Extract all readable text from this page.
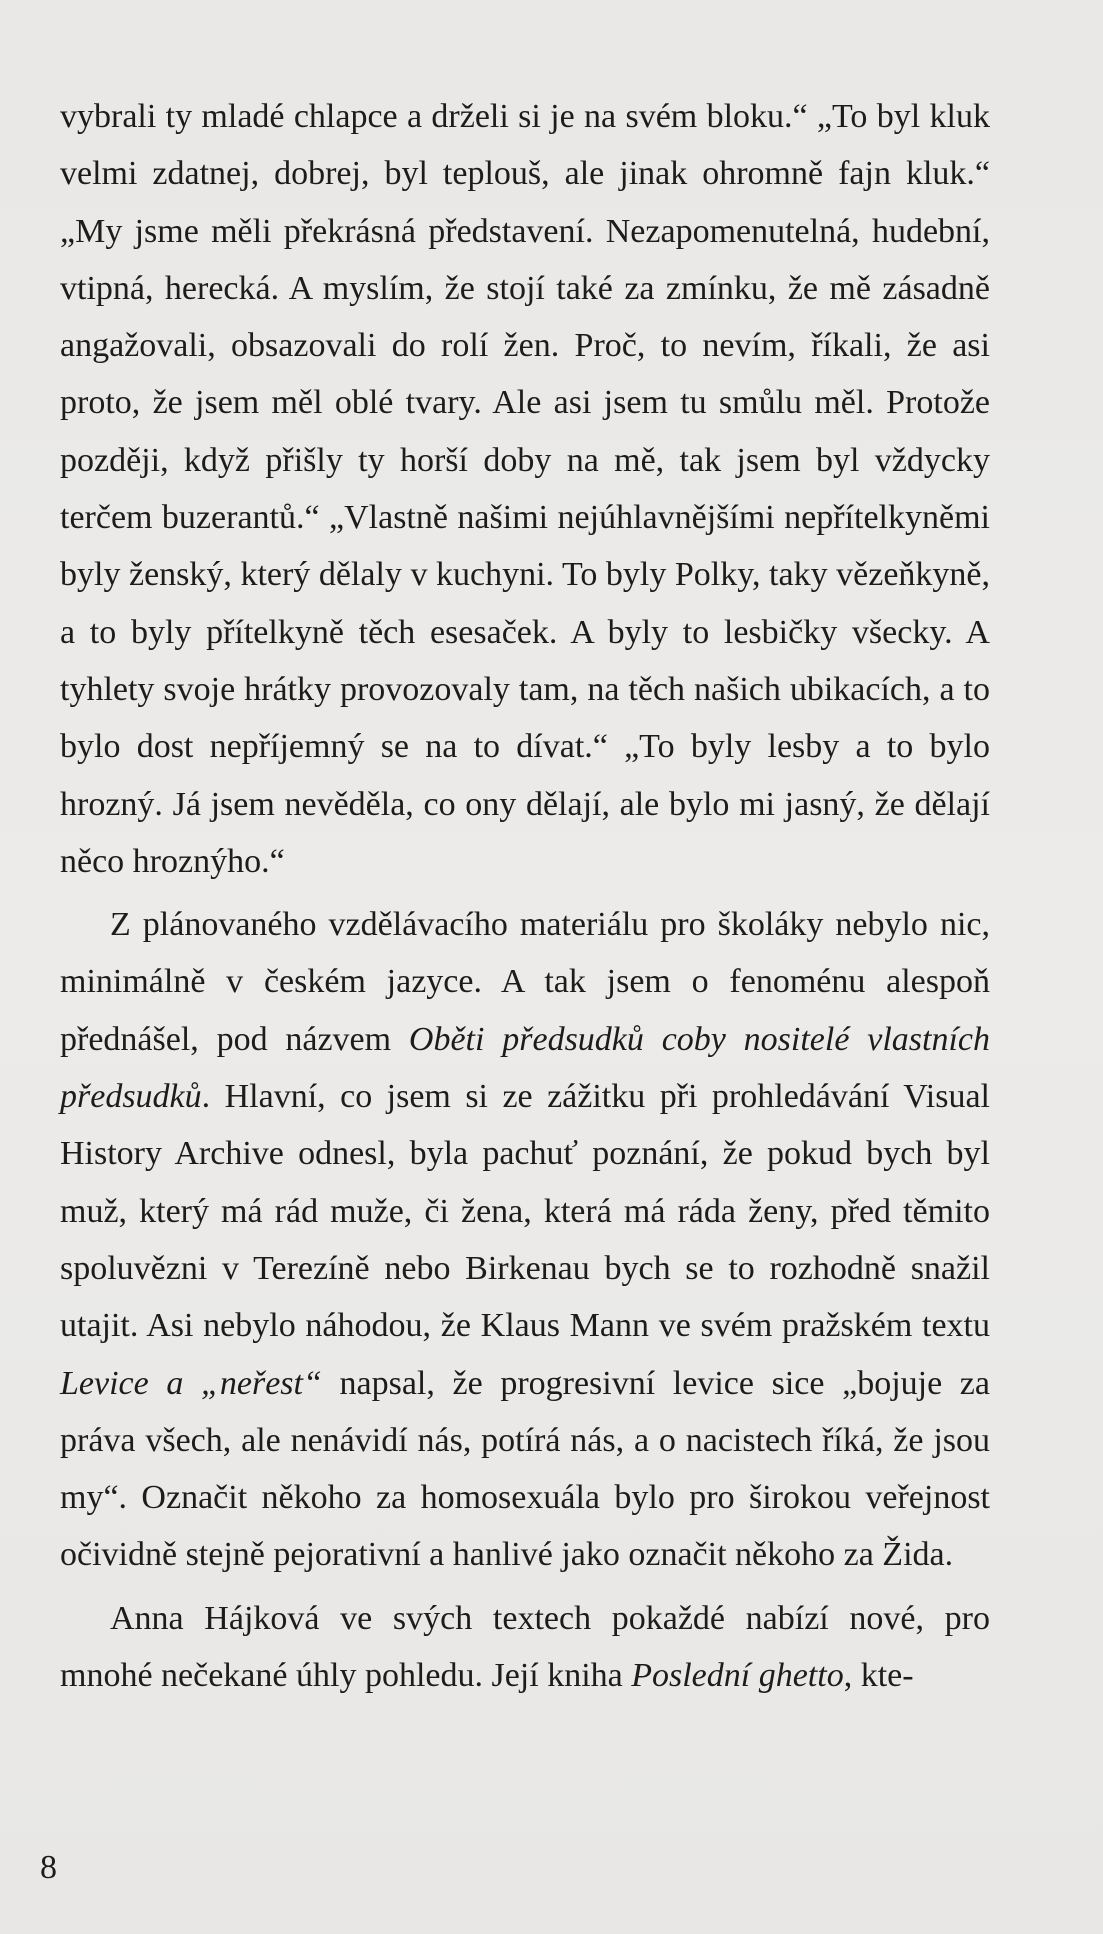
vybrali ty mladé chlapce a drželi si je na svém bloku.“ „To byl kluk velmi zdatnej, dobrej, byl teplouš, ale jinak ohromně fajn kluk.“ „My jsme měli překrásná představení. Nezapomenutelná, hudební, vtipná, herecká. A myslím, že stojí také za zmínku, že mě zásadně angažovali, obsazovali do rolí žen. Proč, to nevím, říkali, že asi proto, že jsem měl oblé tvary. Ale asi jsem tu smůlu měl. Protože později, když přišly ty horší doby na mě, tak jsem byl vždycky terčem buzerantů.“ „Vlastně našimi nejúhlavnějšími nepřítelkyněmi byly ženský, který dělaly v kuchyni. To byly Polky, taky vězeňkyně, a to byly přítelkyně těch esesaček. A byly to lesbičky všecky. A tyhlety svoje hrátky provozovaly tam, na těch našich ubikacích, a to bylo dost nepříjemný se na to dívat.“ „To byly lesby a to bylo hrozný. Já jsem nevěděla, co ony dělají, ale bylo mi jasný, že dělají něco hroznýho.“

Z plánovaného vzdělávacího materiálu pro školáky nebylo nic, minimálně v českém jazyce. A tak jsem o fenoménu alespoň přednášel, pod názvem Oběti předsudků coby nositelé vlastních předsudků. Hlavní, co jsem si ze zážitku při prohledávání Visual History Archive odnesl, byla pachuť poznání, že pokud bych byl muž, který má rád muže, či žena, která má ráda ženy, před těmito spoluvězni v Terezíně nebo Birkenau bych se to rozhodně snažil utajit. Asi nebylo náhodou, že Klaus Mann ve svém pražském textu Levice a „neřest“ napsal, že progresivní levice sice „bojuje za práva všech, ale nenávidí nás, potírá nás, a o nacistech říká, že jsou my“. Označit někoho za homosexuála bylo pro širokou veřejnost očividně stejně pejorativní a hanlivé jako označit někoho za Žida.

Anna Hájková ve svých textech pokaždé nabízí nové, pro mnohé nečekané úhly pohledu. Její kniha Poslední ghetto, kte-

8
